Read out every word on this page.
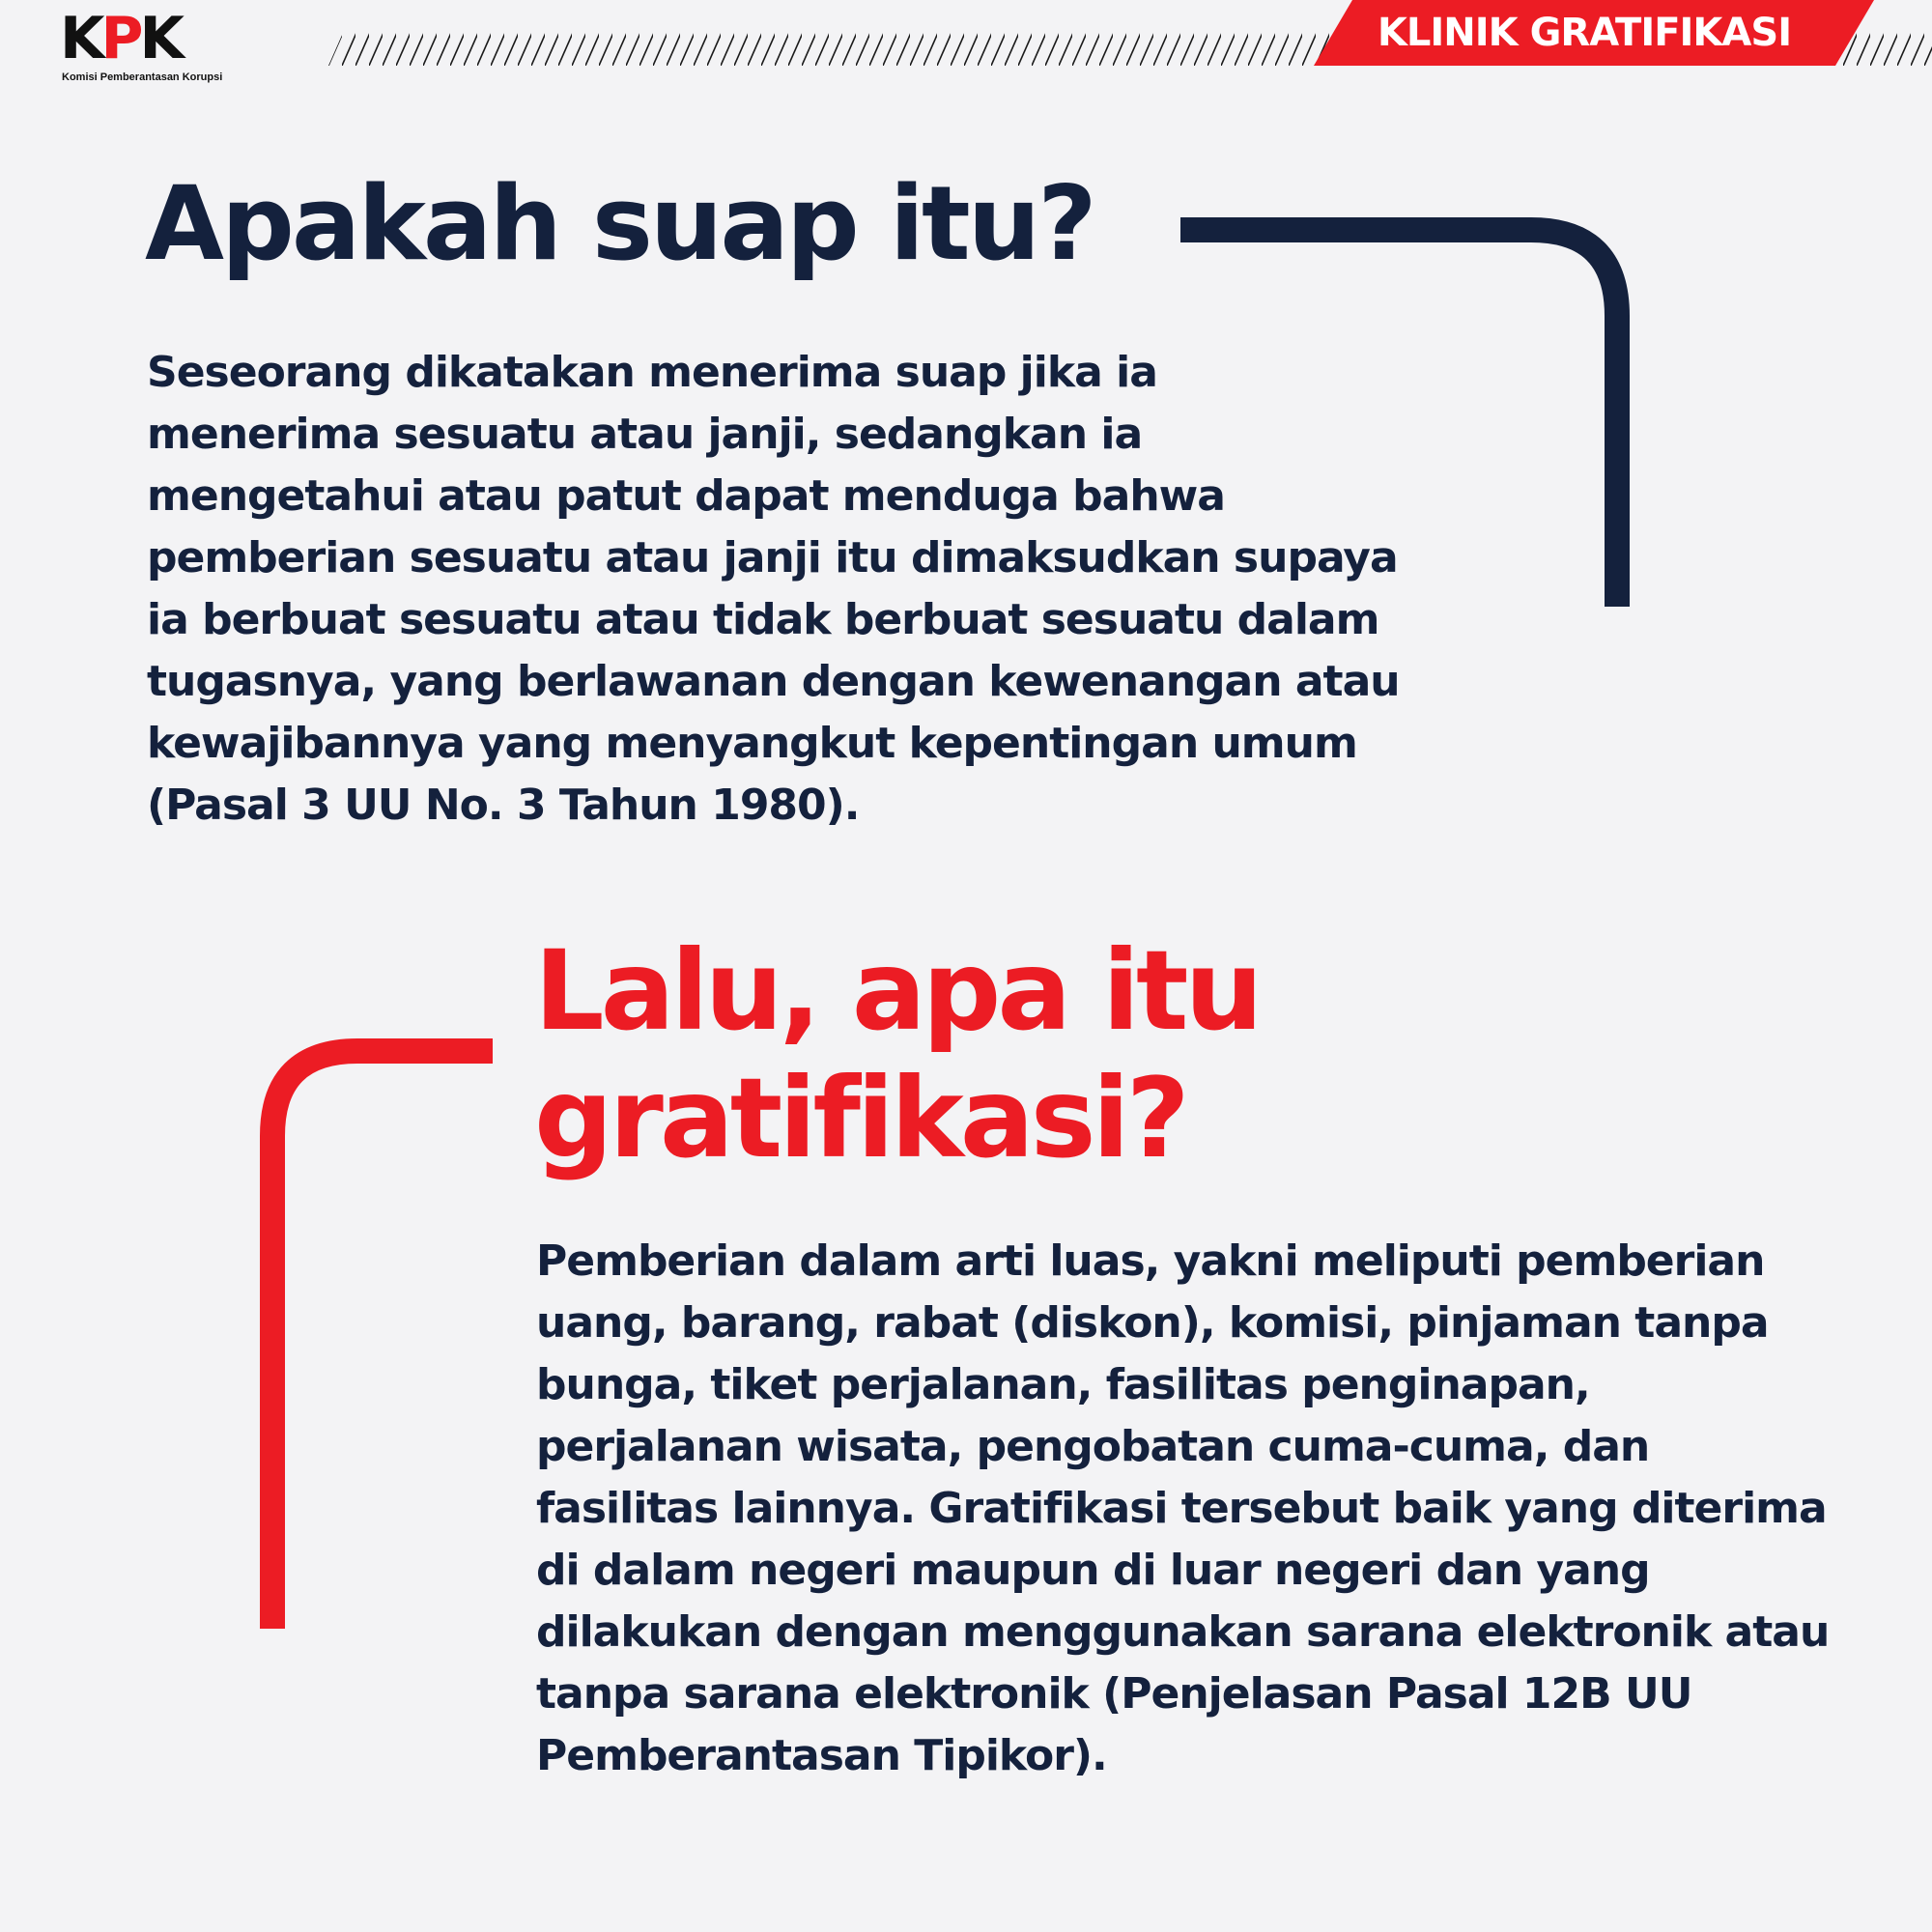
KPK
Komisi Pemberantasan Korupsi
KLINIK GRATIFIKASI
Apakah suap itu?

Seseorang dikatakan menerima suap jika ia menerima sesuatu atau janji, sedangkan ia mengetahui atau patut dapat menduga bahwa pemberian sesuatu atau janji itu dimaksudkan supaya ia berbuat sesuatu atau tidak berbuat sesuatu dalam tugasnya, yang berlawanan dengan kewenangan atau kewajibannya yang menyangkut kepentingan umum (Pasal 3 UU No. 3 Tahun 1980).

Lalu, apa itu gratifikasi?

Pemberian dalam arti luas, yakni meliputi pemberian uang, barang, rabat (diskon), komisi, pinjaman tanpa bunga, tiket perjalanan, fasilitas penginapan, perjalanan wisata, pengobatan cuma-cuma, dan fasilitas lainnya. Gratifikasi tersebut baik yang diterima di dalam negeri maupun di luar negeri dan yang dilakukan dengan menggunakan sarana elektronik atau tanpa sarana elektronik (Penjelasan Pasal 12B UU Pemberantasan Tipikor).
